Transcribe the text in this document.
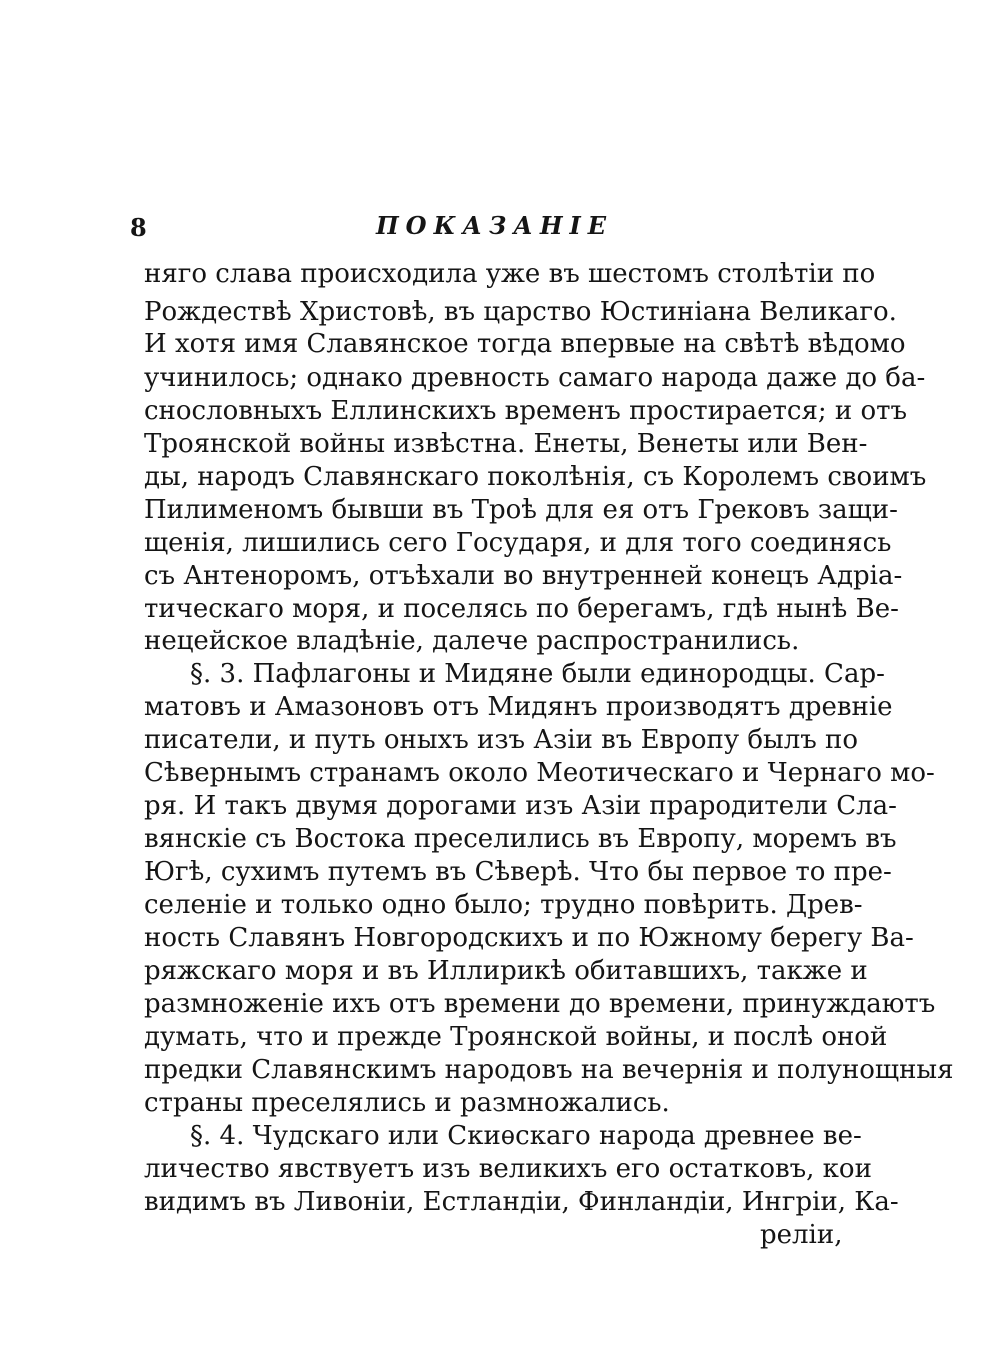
8	ПОКАЗАНІЕ
няго слава происходила уже въ шестомъ столѣтіи по
Рождествѣ Христовѣ, въ царство Юстиніана Великаго.
И хотя имя Славянское тогда впервые на свѣтѣ вѣдомо
учинилось; однако древность самаго народа даже до ба-
снословныхъ Еллинскихъ временъ простирается; и отъ
Троянской войны извѣстна. Енеты, Венеты или Вен-
ды, народъ Славянскаго поколѣнія, съ Королемъ своимъ
Пилименомъ бывши въ Троѣ для ея отъ Грековъ защи-
щенія, лишились сего Государя, и для того соединясь
съ Антеноромъ, отъѣхали во внутренней конецъ Адріа-
тическаго моря, и поселясь по берегамъ, гдѣ нынѣ Ве-
нецейское владѣніе, далече распространились.
§. 3. Пафлагоны и Мидяне были единородцы. Сар-
матовъ и Амазоновъ отъ Мидянъ производятъ древніе
писатели, и путь оныхъ изъ Азіи въ Европу былъ по
Сѣвернымъ странамъ около Меотическаго и Чернаго мо-
ря. И такъ двумя дорогами изъ Азіи прародители Сла-
вянскіе съ Востока преселились въ Европу, моремъ въ
Югѣ, сухимъ путемъ въ Сѣверѣ. Что бы первое то пре-
селеніе и только одно было; трудно повѣрить. Древ-
ность Славянъ Новгородскихъ и по Южному берегу Ва-
ряжскаго моря и въ Иллирикѣ обитавшихъ, также и
размноженіе ихъ отъ времени до времени, принуждаютъ
думать, что и прежде Троянской войны, и послѣ оной
предки Славянскимъ народовъ на вечернія и полунощныя
страны преселялись и размножались.
§. 4. Чудскаго или Скиѳскаго народа древнее ве-
личество явствуетъ изъ великихъ его остатковъ, кои
видимъ въ Ливоніи, Естландіи, Финландіи, Ингріи, Ка-
реліи,
